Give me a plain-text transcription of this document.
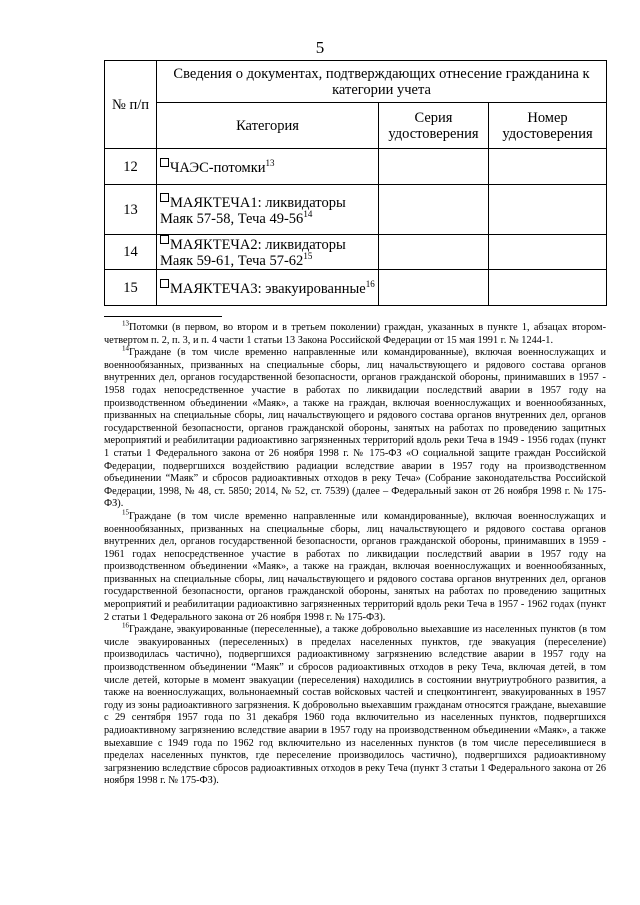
5
№ п/п	Сведения о документах, подтверждающих отнесение гражданина к категории учета		
	Категория	Серия удостоверения	Номер удостоверения
12	ЧАЭС-потомки$^{13}$		
13	МАЯКТЕЧА1: ликвидаторы Маяк 57-58, Теча $49-56^{14}$		
14	МАЯКТЕЧА2: ликвидаторы Маяк 59-61, Теча $57-62^{15}$		
15	МАЯКТЕЧА3: эвакуированные$^{16}$		

$^{13}$Потомки (в первом, во втором и в третьем поколении) граждан, указанных в пункте 1, абзацах втором-четвертом п. 2, п. 3, и п. 4 части 1 статьи 13 Закона Российской Федерации от 15 мая 1991 г. № 1244-1.

$^{14}$Граждане (в том числе временно направленные или командированные), включая военнослужащих и военнообязанных, призванных на специальные сборы, лиц начальствующего и рядового состава органов внутренних дел, органов государственной безопасности, органов гражданской обороны, принимавших в 1957 - 1958 годах непосредственное участие в работах по ликвидации последствий аварии в 1957 году на производственном объединении «Маяк», а также на граждан, включая военнослужащих и военнообязанных, призванных на специальные сборы, лиц начальствующего и рядового состава органов внутренних дел, органов государственной безопасности, органов гражданской обороны, занятых на работах по проведению защитных мероприятий и реабилитации радиоактивно загрязненных территорий вдоль реки Теча в 1949 - 1956 годах (пункт 1 статьи 1 Федерального закона от 26 ноября 1998 г. № 175-ФЗ «О социальной защите граждан Российской Федерации, подвергшихся воздействию радиации вследствие аварии в 1957 году на производственном объединении “Маяк” и сбросов радиоактивных отходов в реку Теча» (Собрание законодательства Российской Федерации, 1998, № 48, ст. 5850; 2014, № 52, ст. 7539) (далее – Федеральный закон от 26 ноября 1998 г. № 175-ФЗ).

$^{15}$Граждане (в том числе временно направленные или командированные), включая военнослужащих и военнообязанных, призванных на специальные сборы, лиц начальствующего и рядового состава органов внутренних дел, органов государственной безопасности, органов гражданской обороны, принимавших в 1959 - 1961 годах непосредственное участие в работах по ликвидации последствий аварии в 1957 году на производственном объединении «Маяк», а также на граждан, включая военнослужащих и военнообязанных, призванных на специальные сборы, лиц начальствующего и рядового состава органов внутренних дел, органов государственной безопасности, органов гражданской обороны, занятых на работах по проведению защитных мероприятий и реабилитации радиоактивно загрязненных территорий вдоль реки Теча в 1957 - 1962 годах (пункт 2 статьи 1 Федерального закона от 26 ноября 1998 г. № 175-ФЗ).

$^{16}$Граждане, эвакуированные (переселенные), а также добровольно выехавшие из населенных пунктов (в том числе эвакуированных (переселенных) в пределах населенных пунктов, где эвакуация (переселение) производилась частично), подвергшихся радиоактивному загрязнению вследствие аварии в 1957 году на производственном объединении “Маяк” и сбросов радиоактивных отходов в реку Теча, включая детей, в том числе детей, которые в момент эвакуации (переселения) находились в состоянии внутриутробного развития, а также на военнослужащих, вольнонаемный состав войсковых частей и спецконтингент, эвакуированных в 1957 году из зоны радиоактивного загрязнения. К добровольно выехавшим гражданам относятся граждане, выехавшие с 29 сентября 1957 года по 31 декабря 1960 года включительно из населенных пунктов, подвергшихся радиоактивному загрязнению вследствие аварии в 1957 году на производственном объединении «Маяк», а также выехавшие с 1949 года по 1962 год включительно из населенных пунктов (в том числе переселившиеся в пределах населенных пунктов, где переселение производилось частично), подвергшихся радиоактивному загрязнению вследствие сбросов радиоактивных отходов в реку Теча (пункт 3 статьи 1 Федерального закона от 26 ноября 1998 г. № 175-ФЗ).
